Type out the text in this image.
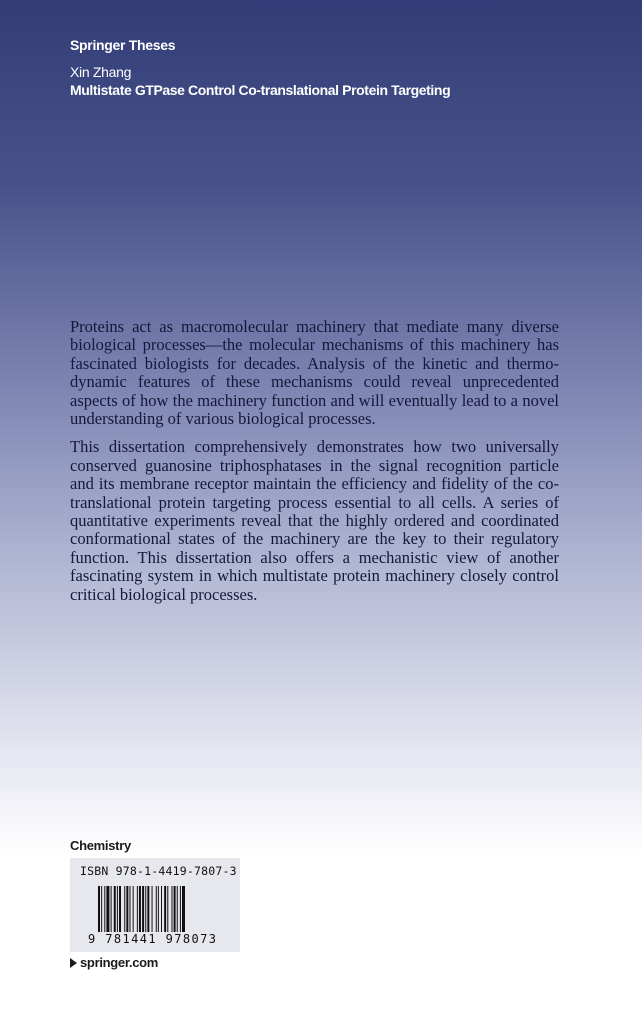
Springer Theses
Xin Zhang
Multistate GTPase Control Co-translational Protein Targeting

Proteins act as macromolecular machinery that mediate many diverse biological processes—the molecular mechanisms of this machinery has fascinated biologists for decades. Analysis of the kinetic and thermodynamic features of these mechanisms could reveal unprecedented aspects of how the machinery function and will eventually lead to a novel understanding of various biological processes.

This dissertation comprehensively demonstrates how two universally conserved guanosine triphosphatases in the signal recognition particle and its membrane receptor maintain the efficiency and fidelity of the co-translational protein targeting process essential to all cells. A series of quantitative experiments reveal that the highly ordered and coordinated conformational states of the machinery are the key to their regulatory function. This dissertation also offers a mechanistic view of another fascinating system in which multistate protein machinery closely control critical biological processes.

Chemistry
ISBN 978-1-4419-7807-3
9 781441 978073
springer.com
